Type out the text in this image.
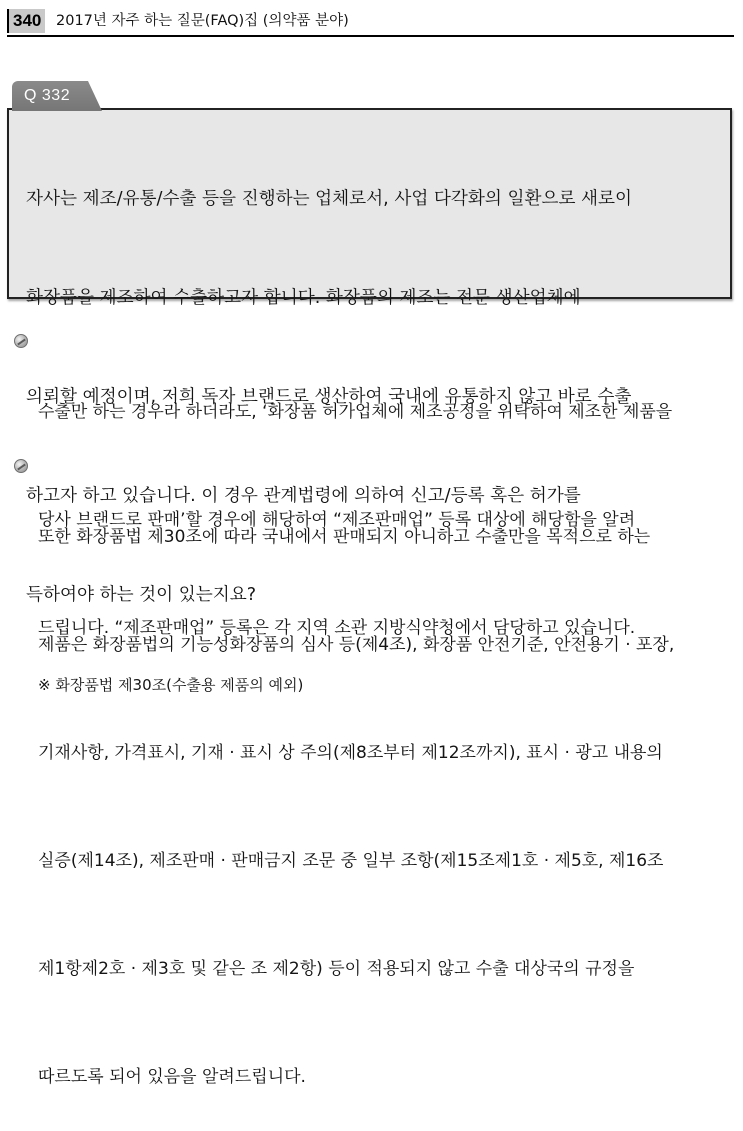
340 2017년 자주 하는 질문(FAQ)집 (의약품 분야)
Q 332

자사는 제조/유통/수출 등을 진행하는 업체로서, 사업 다각화의 일환으로 새로이

화장품을 제조하여 수출하고자 합니다. 화장품의 제조는 전문 생산업체에

의뢰할 예정이며, 저희 독자 브랜드로 생산하여 국내에 유통하지 않고 바로 수출

하고자 하고 있습니다. 이 경우 관계법령에 의하여 신고/등록 혹은 허가를

득하여야 하는 것이 있는지요?

수출만 하는 경우라 하더라도, ‘화장품 허가업체에 제조공정을 위탁하여 제조한 제품을

당사 브랜드로 판매’할 경우에 해당하여 “제조판매업” 등록 대상에 해당함을 알려

드립니다. “제조판매업” 등록은 각 지역 소관 지방식약청에서 담당하고 있습니다.

또한 화장품법 제30조에 따라 국내에서 판매되지 아니하고 수출만을 목적으로 하는

제품은 화장품법의 기능성화장품의 심사 등(제4조), 화장품 안전기준, 안전용기 · 포장,

기재사항, 가격표시, 기재 · 표시 상 주의(제8조부터 제12조까지), 표시 · 광고 내용의

실증(제14조), 제조판매 · 판매금지 조문 중 일부 조항(제15조제1호 · 제5호, 제16조

제1항제2호 · 제3호 및 같은 조 제2항) 등이 적용되지 않고 수출 대상국의 규정을

따르도록 되어 있음을 알려드립니다.

※ 화장품법 제30조(수출용 제품의 예외)
